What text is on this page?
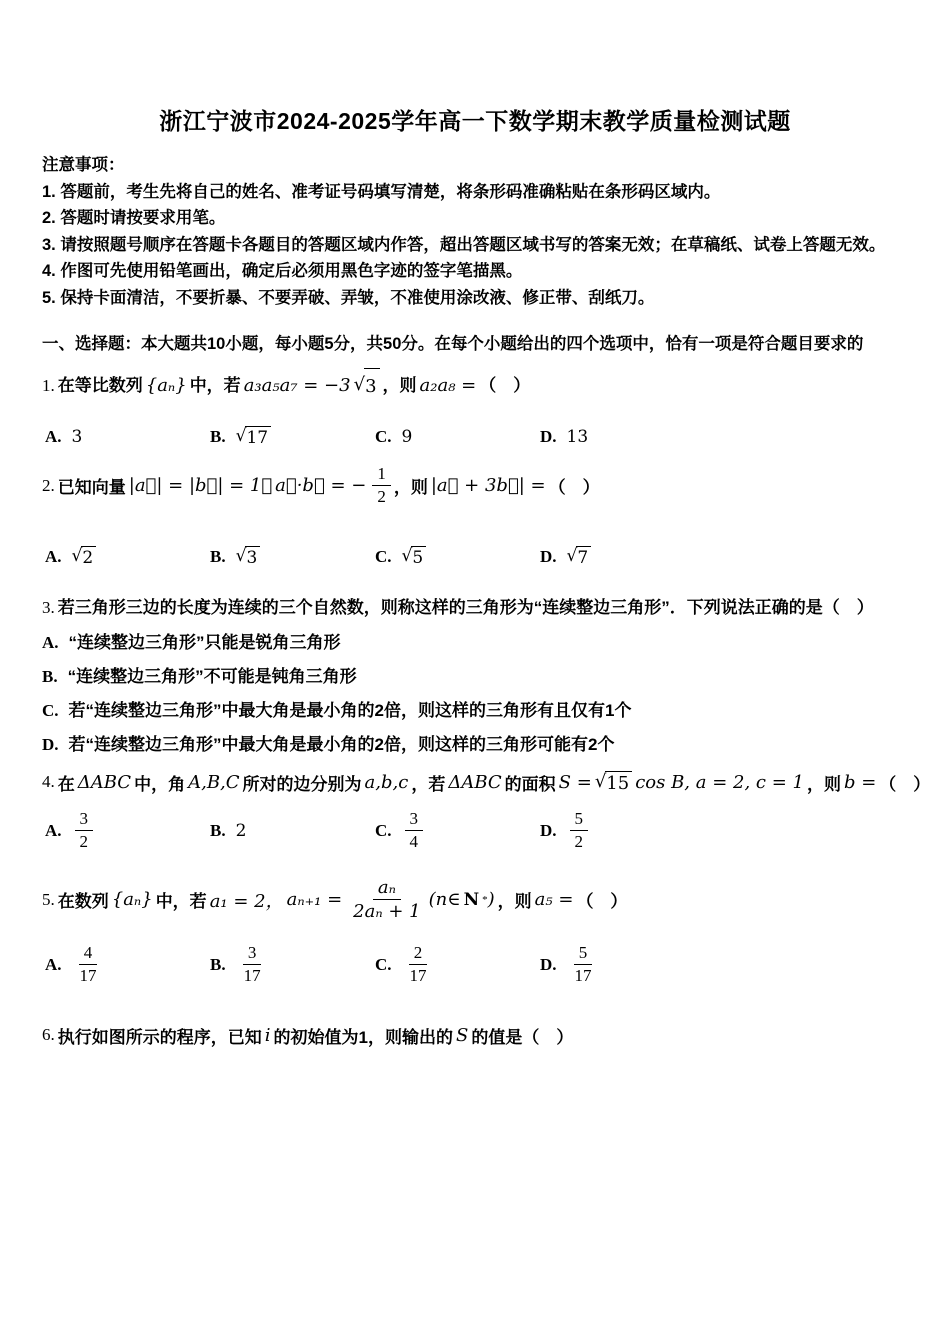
浙江宁波市2024-2025学年高一下数学期末教学质量检测试题

注意事项：

1. 答题前，考生先将自己的姓名、准考证号码填写清楚，将条形码准确粘贴在条形码区域内。

2. 答题时请按要求用笔。

3. 请按照题号顺序在答题卡各题目的答题区域内作答，超出答题区域书写的答案无效；在草稿纸、试卷上答题无效。

4. 作图可先使用铅笔画出，确定后必须用黑色字迹的签字笔描黑。

5. 保持卡面清洁，不要折暴、不要弄破、弄皱，不准使用涂改液、修正带、刮纸刀。

一、选择题：本大题共10小题，每小题5分，共50分。在每个小题给出的四个选项中，恰有一项是符合题目要求的

1. 在等比数列 {aₙ} 中，若 a₃a₅a₇ = −3 √ 3 ，则 a₂a₈ = （　）
A. 3	B. √ 17	C. 9	D. 13
2. 已知向量 |a⃗| = |b⃗| = 1， a⃗·b⃗ = − $\frac{1}{2}$ ，则 |a⃗ + 3b⃗| = （　）
A. √ 2	B. √ 3	C. √ 5	D. √ 7
3. 若三角形三边的长度为连续的三个自然数，则称这样的三角形为“连续整边三角形”．下列说法正确的是（　）
A. “连续整边三角形”只能是锐角三角形
B. “连续整边三角形”不可能是钝角三角形
C. 若“连续整边三角形”中最大角是最小角的2倍，则这样的三角形有且仅有1个
D. 若“连续整边三角形”中最大角是最小角的2倍，则这样的三角形可能有2个
4. 在 ΔABC 中，角 A,B,C 所对的边分别为 a,b,c ，若 ΔABC 的面积 S = √ 15 cos B, a = 2, c = 1 ，则 b = （　）
A. $\frac{3}{2}$	B. 2	C. $\frac{3}{4}$	D. $\frac{5}{2}$
5. 在数列 {aₙ} 中，若 a₁ = 2， $a_{n+1} = \frac{\text{aₙ}}{\text{2aₙ + 1}}$ (n∈ N * ) ，则 a₅ = （　）
A. $\frac{4}{17}$	B. $\frac{3}{17}$	C. $\frac{2}{17}$	D. $\frac{5}{17}$
6. 执行如图所示的程序，已知 i 的初始值为1，则输出的 S 的值是（　）
